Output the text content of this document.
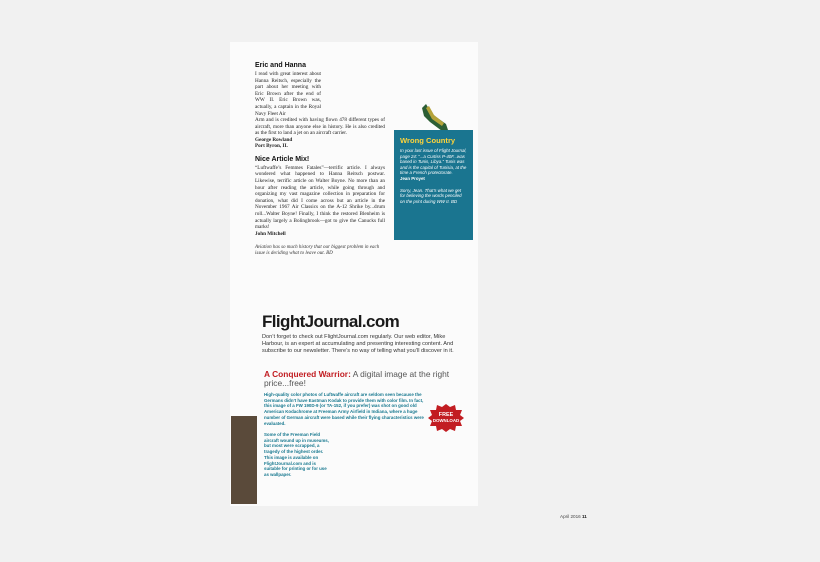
Eric and Hanna

I read with great interest about Hanna Reitsch, especially the part about her meeting with Eric Brown after the end of WW II. Eric Brown was, actually, a captain in the Royal Navy Fleet Air

Arm and is credited with having flown 478 different types of aircraft, more than anyone else in history. He is also credited as the first to land a jet on an aircraft carrier.

George Rowland

Port Byron, IL

Nice Article Mix!

“Luftwaffe’s Femmes Fatales”—terrific article. I always wondered what happened to Hanna Reitsch postwar. Likewise, terrific article on Walter Boyne. No more than an hour after reading the article, while going through and organizing my vast magazine collection in preparation for donation, what did I come across but an article in the November 1967 Air Classics on the A-12 Shrike by...drum roll...Walter Boyne! Finally, I think the restored Blenheim is actually largely a Bolingbrook—got to give the Canucks full marks!

John Mitchell

Aviation has so much history that our biggest problem in each issue is deciding what to leave out. BD
Wrong Country

In your last issue of Flight Journal, page 24: “...a Curtiss P-40F...was based in Tunis, Libya.” Tunis was and is the capital of Tunisia, at the time a French protectorate.

Jean Proyet

Sorry, Jean. That’s what we get for believing the words penciled on the print during WW II. BD

FlightJournal.com

Don’t forget to check out FlightJournal.com regularly. Our web editor, Mike Harbour, is an expert at accumulating and presenting interesting content. And subscribe to our newsletter. There’s no way of telling what you’ll discover in it.

A Conquered Warrior: A digital image at the right price...free!

High-quality color photos of Luftwaffe aircraft are seldom seen because the Germans didn’t have Eastman Kodak to provide them with color film. In fact, this image of a FW 190D-9 (or TA-152, if you prefer) was shot on good old American Kodachrome at Freeman Army Airfield in Indiana, where a huge number of German aircraft were based while their flying characteristics were evaluated.

Some of the Freeman Field aircraft wound up in museums, but most were scrapped, a tragedy of the highest order. This image is available on FlightJournal.com and is suitable for printing or for use as wallpaper.

FREE
DOWNLOAD
April 2016 11
